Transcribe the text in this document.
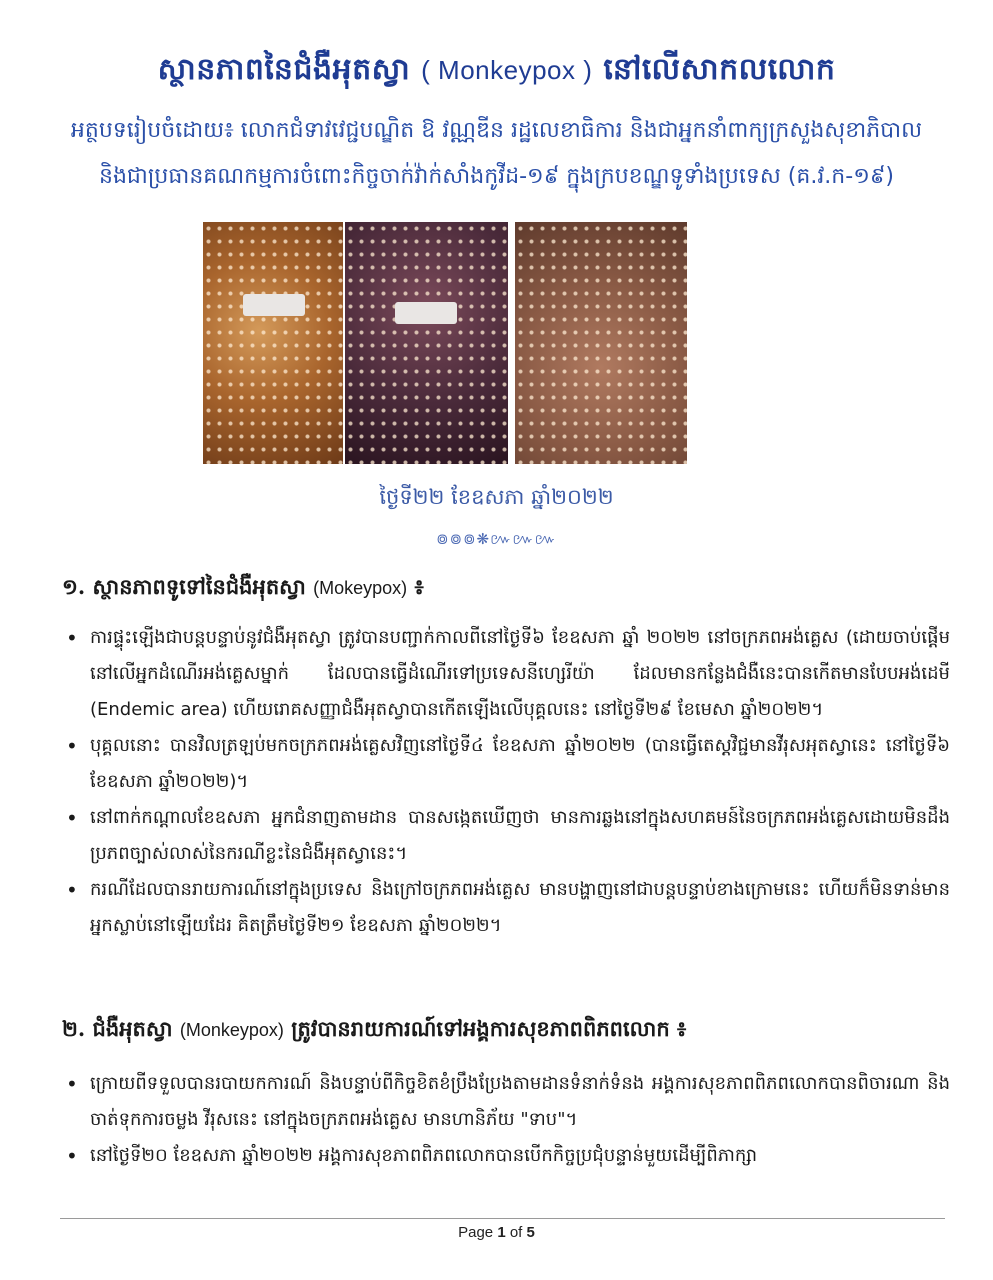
ស្ថានភាពនៃជំងឺអុតស្វា ( Monkeypox ) នៅលើសាកលលោក
អត្ថបទរៀបចំដោយ៖ លោកជំទាវវេជ្ជបណ្ឌិត ឱ វណ្ណឌីន រដ្ឋលេខាធិការ និងជាអ្នកនាំពាក្យក្រសួងសុខាភិបាល
និងជាប្រធានគណកម្មការចំពោះកិច្ចចាក់វ៉ាក់សាំងកូវីដ-១៩ ក្នុងក្របខណ្ឌទូទាំងប្រទេស (គ.វ.ក-១៩)
ថ្ងៃទី២២ ខែឧសភា ឆ្នាំ២០២២
៙៙៙❋៚៚៚
១. ស្ថានភាពទូទៅនៃជំងឺអុតស្វា (Mokeypox) ៖
• ការផ្ទុះឡើងជាបន្តបន្ទាប់នូវជំងឺអុតស្វា ត្រូវបានបញ្ជាក់កាលពីនៅថ្ងៃទី៦ ខែឧសភា ឆ្នាំ ២០២២ នៅចក្រភពអង់គ្លេស (ដោយចាប់ផ្តើមនៅលើអ្នកដំណើរអង់គ្លេសម្នាក់ ដែលបានធ្វើដំណើរទៅប្រទេសនីហ្សេរីយ៉ា ដែលមានកន្លែងជំងឺនេះបានកើតមានបែបអង់ដេមី (Endemic area) ហើយរោគសញ្ញាជំងឺអុតស្វាបានកើតឡើងលើបុគ្គលនេះ នៅថ្ងៃទី២៩ ខែមេសា ឆ្នាំ២០២២។
• បុគ្គលនោះ បានវិលត្រឡប់មកចក្រភពអង់គ្លេសវិញនៅថ្ងៃទី៤ ខែឧសភា ឆ្នាំ២០២២ (បានធ្វើតេស្តវិជ្ជមានវីរុសអុតស្វានេះ នៅថ្ងៃទី៦ ខែឧសភា ឆ្នាំ២០២២)។
• នៅពាក់កណ្តាលខែឧសភា អ្នកជំនាញតាមដាន បានសង្កេតឃើញថា មានការឆ្លងនៅក្នុងសហគមន៍នៃចក្រភពអង់គ្លេសដោយមិនដឹងប្រភពច្បាស់លាស់នៃករណីខ្លះនៃជំងឺអុតស្វានេះ។
• ករណីដែលបានរាយការណ៍នៅក្នុងប្រទេស និងក្រៅចក្រភពអង់គ្លេស មានបង្ហាញនៅជាបន្តបន្ទាប់ខាងក្រោមនេះ ហើយក៏មិនទាន់មានអ្នកស្លាប់នៅឡើយដែរ គិតត្រឹមថ្ងៃទី២១ ខែឧសភា ឆ្នាំ២០២២។
២. ជំងឺអុតស្វា (Monkeypox) ត្រូវបានរាយការណ៍ទៅអង្គការសុខភាពពិភពលោក ៖
• ក្រោយពីទទួលបានរបាយកការណ៍ និងបន្ទាប់ពីកិច្ចខិតខំប្រឹងប្រែងតាមដានទំនាក់ទំនង អង្គការសុខភាពពិភពលោកបានពិចារណា និងចាត់ទុកការចម្លង វីរុសនេះ នៅក្នុងចក្រភពអង់គ្លេស មានហានិភ័យ "ទាប"។
• នៅថ្ងៃទី២០ ខែឧសភា ឆ្នាំ២០២២ អង្គការសុខភាពពិភពលោកបានបើកកិច្ចប្រជុំបន្ទាន់មួយដើម្បីពិភាក្សា
Page 1 of 5
